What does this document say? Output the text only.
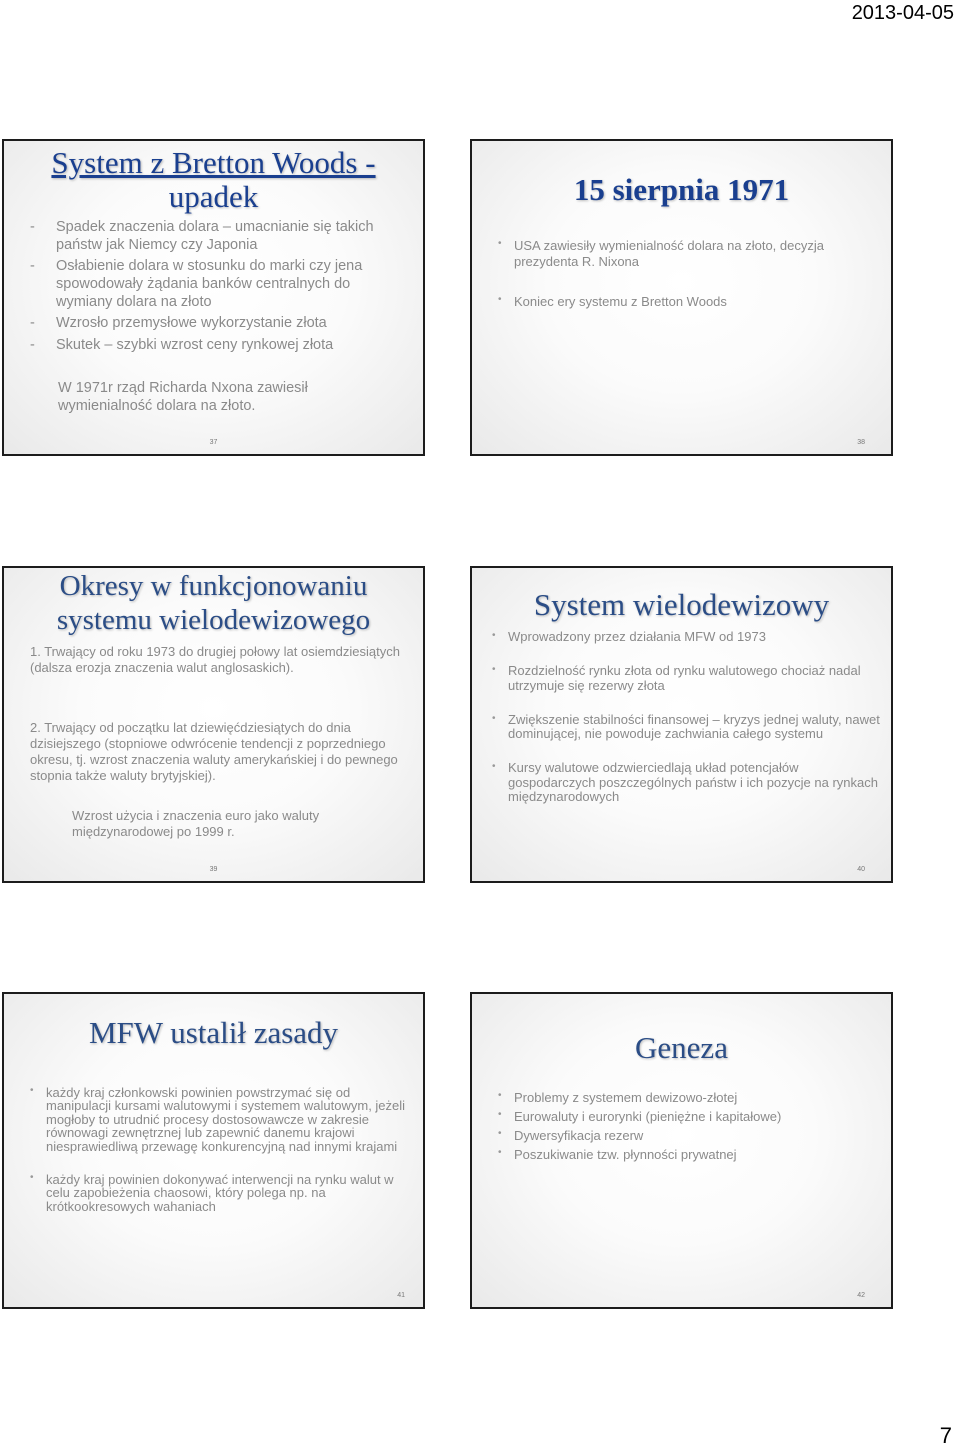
2013-04-05
System z Bretton Woods -
upadek
- Spadek znaczenia dolara – umacnianie się takich państw jak Niemcy czy Japonia
- Osłabienie dolara w stosunku do marki czy jena spowodowały żądania banków centralnych do wymiany dolara na złoto
- Wzrosło przemysłowe wykorzystanie złota
- Skutek – szybki wzrost ceny rynkowej złota
W 1971r rząd Richarda Nxona zawiesił wymienialność dolara na złoto.
37
15 sierpnia 1971
• USA zawiesiły wymienialność dolara na złoto, decyzja prezydenta R. Nixona
• Koniec ery systemu z Bretton Woods
38
Okresy w funkcjonowaniu
systemu wielodewizowego
1. Trwający od roku 1973 do drugiej połowy lat osiemdziesiątych (dalsza erozja znaczenia walut anglosaskich).
2. Trwający od początku lat dziewięćdziesiątych do dnia dzisiejszego (stopniowe odwrócenie tendencji z poprzedniego okresu, tj. wzrost znaczenia waluty amerykańskiej i do pewnego stopnia także waluty brytyjskiej).
Wzrost użycia i znaczenia euro jako waluty międzynarodowej po 1999 r.
39
System wielodewizowy
• Wprowadzony przez działania MFW od 1973
• Rozdzielność rynku złota od rynku walutowego chociaż nadal utrzymuje się rezerwy złota
• Zwiększenie stabilności finansowej – kryzys jednej waluty, nawet dominującej, nie powoduje zachwiania całego systemu
• Kursy walutowe odzwierciedlają układ potencjałów gospodarczych poszczególnych państw i ich pozycje na rynkach międzynarodowych
40
MFW ustalił zasady
• każdy kraj członkowski powinien powstrzymać się od manipulacji kursami walutowymi i systemem walutowym, jeżeli mogłoby to utrudnić procesy dostosowawcze w zakresie równowagi zewnętrznej lub zapewnić danemu krajowi niesprawiedliwą przewagę konkurencyjną nad innymi krajami
• każdy kraj powinien dokonywać interwencji na rynku walut w celu zapobieżenia chaosowi, który polega np. na krótkookresowych wahaniach
41
Geneza
• Problemy z systemem dewizowo-złotej
• Eurowaluty i eurorynki (pieniężne i kapitałowe)
• Dywersyfikacja rezerw
• Poszukiwanie tzw. płynności prywatnej
42
7
